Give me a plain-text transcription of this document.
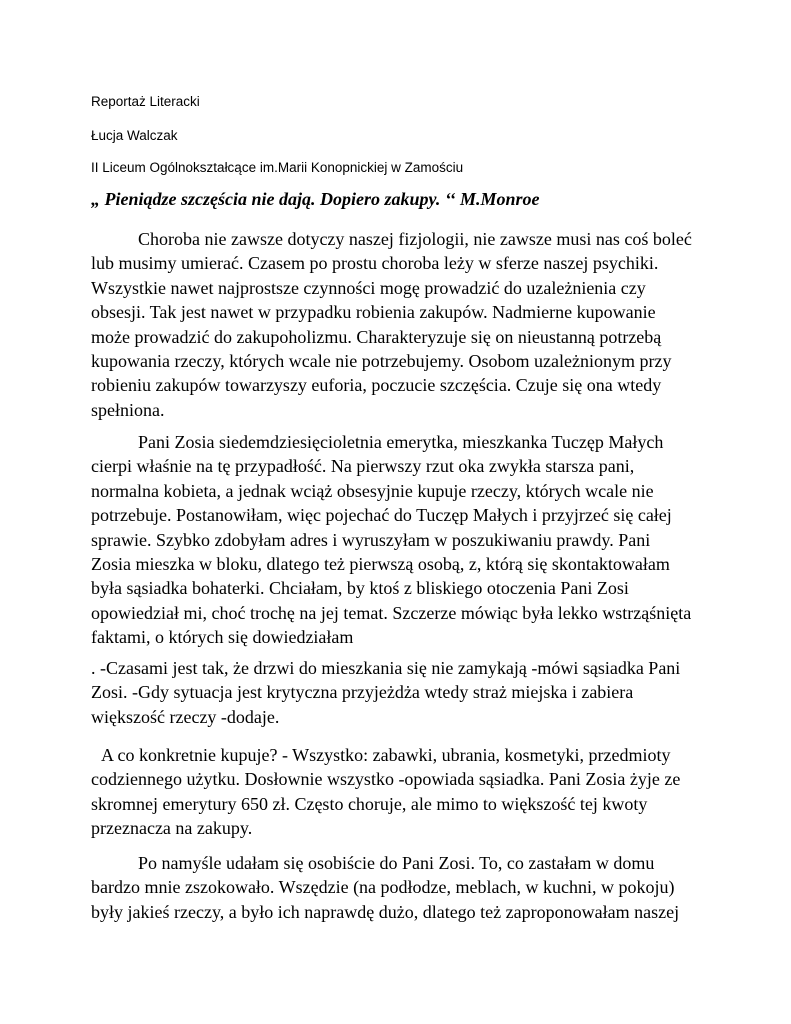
Reportaż Literacki
Łucja Walczak
II Liceum Ogólnokształcące im.Marii Konopnickiej w Zamościu
„ Pieniądze szczęścia nie dają. Dopiero zakupy. ‘‘ M.Monroe
Choroba nie zawsze dotyczy naszej fizjologii, nie zawsze musi nas coś boleć
lub musimy umierać. Czasem po prostu choroba leży w sferze naszej psychiki.
Wszystkie nawet najprostsze czynności mogę prowadzić do uzależnienia czy
obsesji. Tak jest nawet w przypadku robienia zakupów. Nadmierne kupowanie
może prowadzić do zakupoholizmu. Charakteryzuje się on nieustanną potrzebą
kupowania rzeczy, których wcale nie potrzebujemy. Osobom uzależnionym przy
robieniu zakupów towarzyszy euforia, poczucie szczęścia. Czuje się ona wtedy
spełniona.
Pani Zosia siedemdziesięcioletnia emerytka, mieszkanka Tuczęp Małych
cierpi właśnie na tę przypadłość. Na pierwszy rzut oka zwykła starsza pani,
normalna kobieta, a jednak wciąż obsesyjnie kupuje rzeczy, których wcale nie
potrzebuje. Postanowiłam, więc pojechać do Tuczęp Małych i przyjrzeć się całej
sprawie. Szybko zdobyłam adres i wyruszyłam w poszukiwaniu prawdy. Pani
Zosia mieszka w bloku, dlatego też pierwszą osobą, z, którą się skontaktowałam
była sąsiadka bohaterki. Chciałam, by ktoś z bliskiego otoczenia Pani Zosi
opowiedział mi, choć trochę na jej temat. Szczerze mówiąc była lekko wstrząśnięta
faktami, o których się dowiedziałam
. -Czasami jest tak, że drzwi do mieszkania się nie zamykają -mówi sąsiadka Pani
Zosi. -Gdy sytuacja jest krytyczna przyjeżdża wtedy straż miejska i zabiera
większość rzeczy -dodaje.
A co konkretnie kupuje? - Wszystko: zabawki, ubrania, kosmetyki, przedmioty
codziennego użytku. Dosłownie wszystko -opowiada sąsiadka. Pani Zosia żyje ze
skromnej emerytury 650 zł. Często choruje, ale mimo to większość tej kwoty
przeznacza na zakupy.
Po namyśle udałam się osobiście do Pani Zosi. To, co zastałam w domu
bardzo mnie zszokowało. Wszędzie (na podłodze, meblach, w kuchni, w pokoju)
były jakieś rzeczy, a było ich naprawdę dużo, dlatego też zaproponowałam naszej
